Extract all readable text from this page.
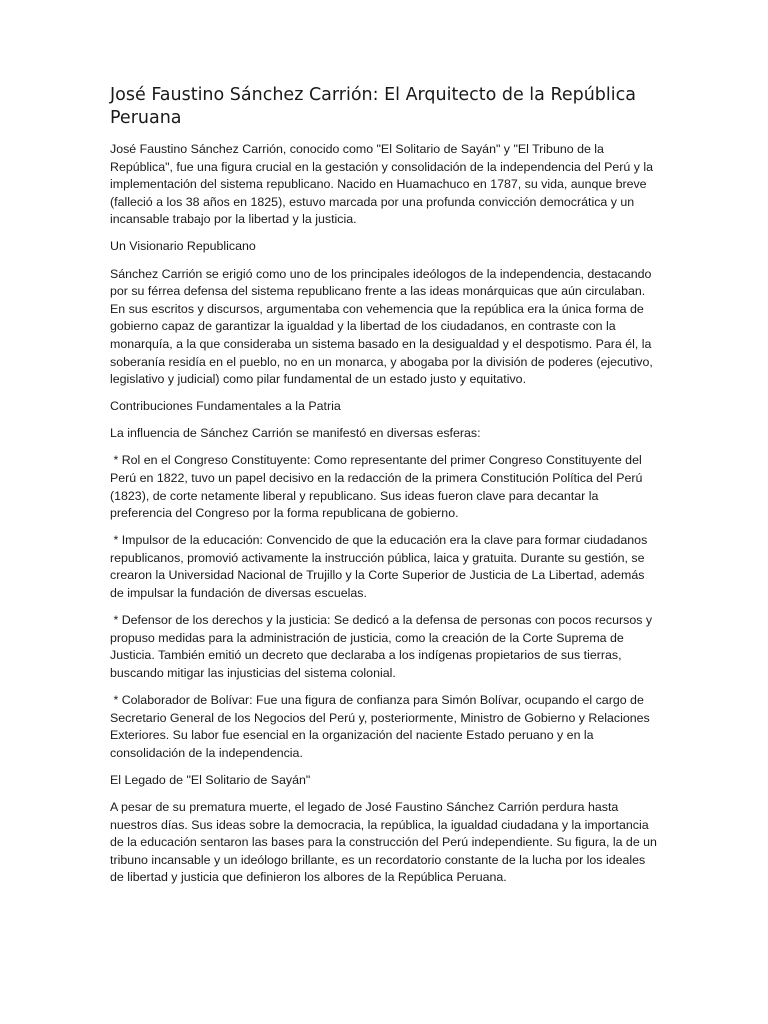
José Faustino Sánchez Carrión: El Arquitecto de la República Peruana

José Faustino Sánchez Carrión, conocido como "El Solitario de Sayán" y "El Tribuno de la República", fue una figura crucial en la gestación y consolidación de la independencia del Perú y la implementación del sistema republicano. Nacido en Huamachuco en 1787, su vida, aunque breve (falleció a los 38 años en 1825), estuvo marcada por una profunda convicción democrática y un incansable trabajo por la libertad y la justicia.

Un Visionario Republicano

Sánchez Carrión se erigió como uno de los principales ideólogos de la independencia, destacando por su férrea defensa del sistema republicano frente a las ideas monárquicas que aún circulaban. En sus escritos y discursos, argumentaba con vehemencia que la república era la única forma de gobierno capaz de garantizar la igualdad y la libertad de los ciudadanos, en contraste con la monarquía, a la que consideraba un sistema basado en la desigualdad y el despotismo. Para él, la soberanía residía en el pueblo, no en un monarca, y abogaba por la división de poderes (ejecutivo, legislativo y judicial) como pilar fundamental de un estado justo y equitativo.

Contribuciones Fundamentales a la Patria

La influencia de Sánchez Carrión se manifestó en diversas esferas:

* Rol en el Congreso Constituyente: Como representante del primer Congreso Constituyente del Perú en 1822, tuvo un papel decisivo en la redacción de la primera Constitución Política del Perú (1823), de corte netamente liberal y republicano. Sus ideas fueron clave para decantar la preferencia del Congreso por la forma republicana de gobierno.

* Impulsor de la educación: Convencido de que la educación era la clave para formar ciudadanos republicanos, promovió activamente la instrucción pública, laica y gratuita. Durante su gestión, se crearon la Universidad Nacional de Trujillo y la Corte Superior de Justicia de La Libertad, además de impulsar la fundación de diversas escuelas.

* Defensor de los derechos y la justicia: Se dedicó a la defensa de personas con pocos recursos y propuso medidas para la administración de justicia, como la creación de la Corte Suprema de Justicia. También emitió un decreto que declaraba a los indígenas propietarios de sus tierras, buscando mitigar las injusticias del sistema colonial.

* Colaborador de Bolívar: Fue una figura de confianza para Simón Bolívar, ocupando el cargo de Secretario General de los Negocios del Perú y, posteriormente, Ministro de Gobierno y Relaciones Exteriores. Su labor fue esencial en la organización del naciente Estado peruano y en la consolidación de la independencia.

El Legado de "El Solitario de Sayán"

A pesar de su prematura muerte, el legado de José Faustino Sánchez Carrión perdura hasta nuestros días. Sus ideas sobre la democracia, la república, la igualdad ciudadana y la importancia de la educación sentaron las bases para la construcción del Perú independiente. Su figura, la de un tribuno incansable y un ideólogo brillante, es un recordatorio constante de la lucha por los ideales de libertad y justicia que definieron los albores de la República Peruana.
